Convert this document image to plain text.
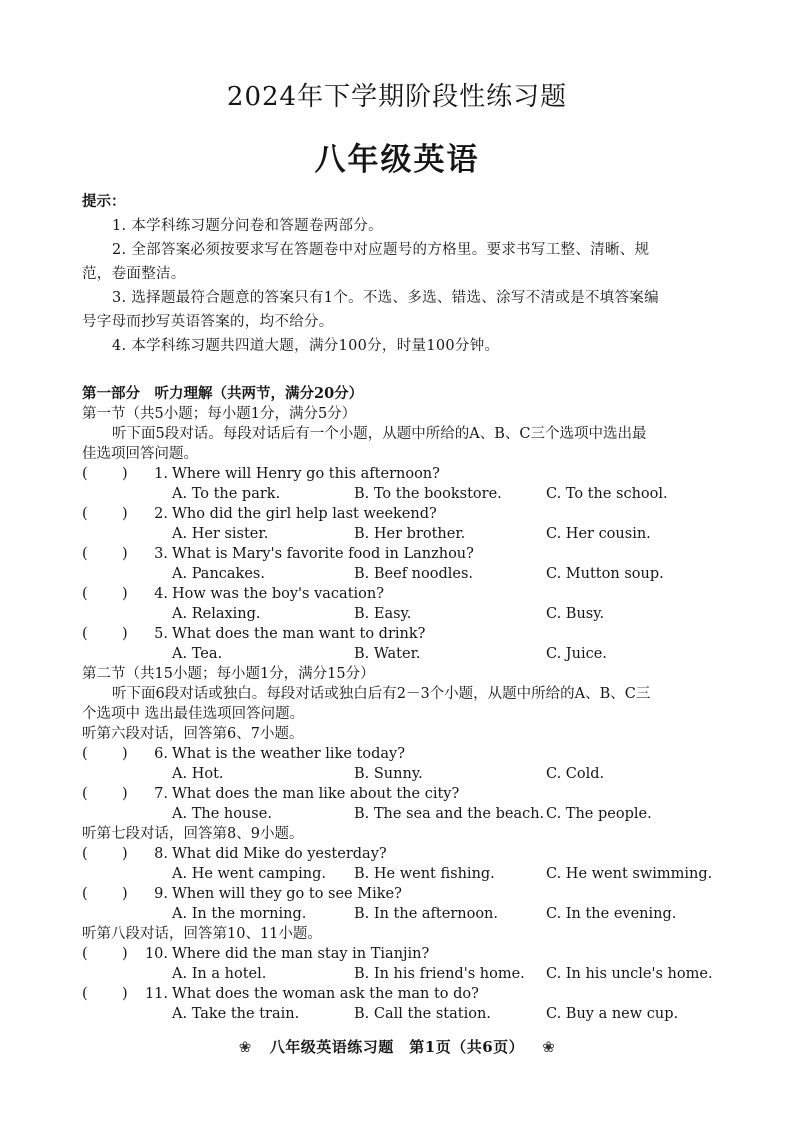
2024年下学期阶段性练习题
八年级英语
提示：
1. 本学科练习题分问卷和答题卷两部分。
2. 全部答案必须按要求写在答题卷中对应题号的方格里。要求书写工整、清晰、规
范，卷面整洁。
3. 选择题最符合题意的答案只有1个。不选、多选、错选、涂写不清或是不填答案编
号字母而抄写英语答案的，均不给分。
4. 本学科练习题共四道大题，满分100分，时量100分钟。
第一部分　听力理解（共两节，满分20分）
第一节（共5小题；每小题1分，满分5分）
听下面5段对话。每段对话后有一个小题，从题中所给的A、B、C三个选项中选出最
佳选项回答问题。
( )	1. Where will Henry go this afternoon?
A. To the park.	B. To the bookstore.	C. To the school.
( )	2. Who did the girl help last weekend?
A. Her sister.	B. Her brother.	C. Her cousin.
( )	3. What is Mary's favorite food in Lanzhou?
A. Pancakes.	B. Beef noodles.	C. Mutton soup.
( )	4. How was the boy's vacation?
A. Relaxing.	B. Easy.	C. Busy.
( )	5. What does the man want to drink?
A. Tea.	B. Water.	C. Juice.
第二节（共15小题；每小题1分，满分15分）
听下面6段对话或独白。每段对话或独白后有2－3个小题，从题中所给的A、B、C三
个选项中 选出最佳选项回答问题。
听第六段对话，回答第6、7小题。
( )	6. What is the weather like today?
A. Hot.	B. Sunny.	C. Cold.
( )	7. What does the man like about the city?
A. The house.	B. The sea and the beach. C. The people.
听第七段对话，回答第8、9小题。
( )	8. What did Mike do yesterday?
A. He went camping. B. He went fishing.	C. He went swimming.
( )	9. When will they go to see Mike?
A. In the morning.	B. In the afternoon.	C. In the evening.
听第八段对话，回答第10、11小题。
( )	10. Where did the man stay in Tianjin?
A. In a hotel.	B. In his friend's home. C. In his uncle's home.
( )	11. What does the woman ask the man to do?
A. Take the train.	B. Call the station.	C. Buy a new cup.
❀ 八年级英语练习题　第1页（共6页） ❀
